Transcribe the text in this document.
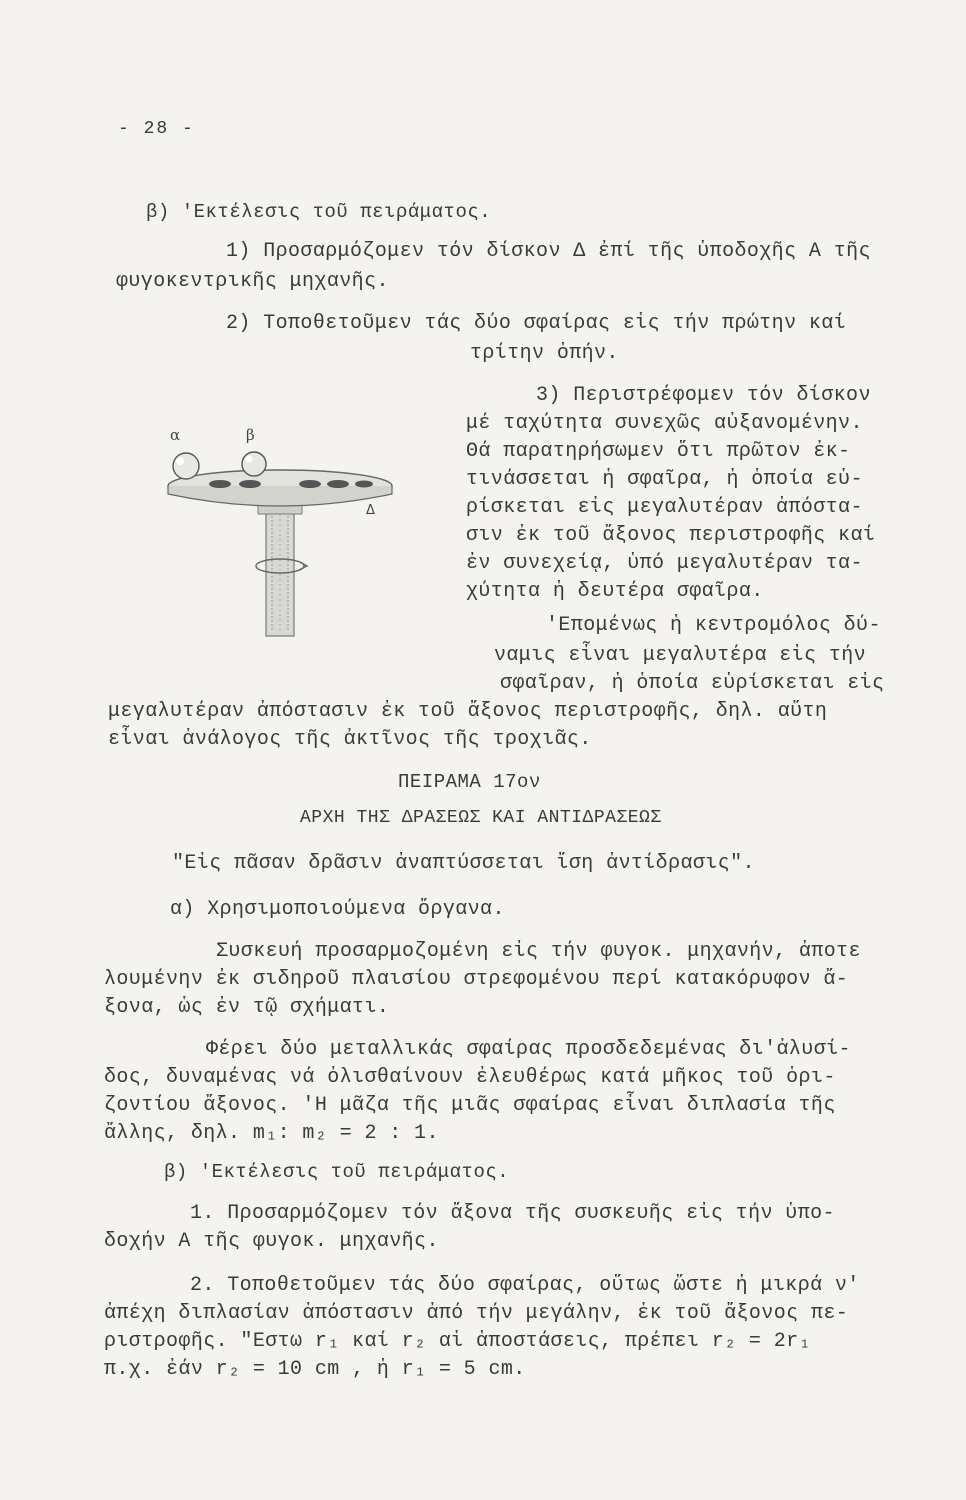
- 28 -
β) 'Εκτέλεσις τοῦ πειράματος.
1) Προσαρμόζομεν τόν δίσκον Δ ἐπί τῆς ὑποδοχῆς Α τῆς
φυγοκεντρικῆς μηχανῆς.
2) Τοποθετοῦμεν τάς δύο σφαίρας εἰς τήν πρώτην καί
τρίτην ὀπήν.
3) Περιστρέφομεν τόν δίσκον
μέ ταχύτητα συνεχῶς αὐξανομένην.
Θά παρατηρήσωμεν ὅτι πρῶτον ἐκ-
τινάσσεται ἡ σφαῖρα, ἡ ὁποία εὑ-
ρίσκεται εἰς μεγαλυτέραν ἀπόστα-
σιν ἐκ τοῦ ἄξονος περιστροφῆς καί
ἐν συνεχείᾳ, ὑπό μεγαλυτέραν τα-
χύτητα ἡ δευτέρα σφαῖρα.
'Επομένως ἡ κεντρομόλος δύ-
ναμις εἶναι μεγαλυτέρα εἰς τήν
σφαῖραν, ἡ ὁποία εὑρίσκεται εἰς
μεγαλυτέραν ἀπόστασιν ἐκ τοῦ ἄξονος περιστροφῆς, δηλ. αὕτη
εἶναι ἀνάλογος τῆς ἀκτῖνος τῆς τροχιᾶς.
α	β
Δ
ΠΕΙΡΑΜΑ 17ον
ΑΡΧΗ ΤΗΣ ΔΡΑΣΕΩΣ ΚΑΙ ΑΝΤΙΔΡΑΣΕΩΣ
"Εἰς πᾶσαν δρᾶσιν ἀναπτύσσεται ἴση ἀντίδρασις".
α) Χρησιμοποιούμενα ὄργανα.
Συσκευή προσαρμοζομένη εἰς τήν φυγοκ. μηχανήν, ἀποτε
λουμένην ἐκ σιδηροῦ πλαισίου στρεφομένου περί κατακόρυφον ἄ-
ξονα, ὡς ἐν τῷ σχήματι.
Φέρει δύο μεταλλικάς σφαίρας προσδεδεμένας δι'ἀλυσί-
δος, δυναμένας νά ὀλισθαίνουν ἐλευθέρως κατά μῆκος τοῦ ὁρι-
ζοντίου ἄξονος. 'Η μᾶζα τῆς μιᾶς σφαίρας εἶναι διπλασία τῆς
ἄλλης, δηλ. m₁: m₂ = 2 : 1.
β) 'Εκτέλεσις τοῦ πειράματος.
1. Προσαρμόζομεν τόν ἄξονα τῆς συσκευῆς εἰς τήν ὑπο-
δοχήν Α τῆς φυγοκ. μηχανῆς.
2. Τοποθετοῦμεν τάς δύο σφαίρας, οὕτως ὥστε ἡ μικρά ν'
ἀπέχη διπλασίαν ἀπόστασιν ἀπό τήν μεγάλην, ἐκ τοῦ ἄξονος πε-
ριστροφῆς. "Εστω r₁ καί r₂ αἱ ἀποστάσεις, πρέπει r₂ = 2r₁
π.χ. ἐάν r₂ = 10 cm , ἡ r₁ = 5 cm.
